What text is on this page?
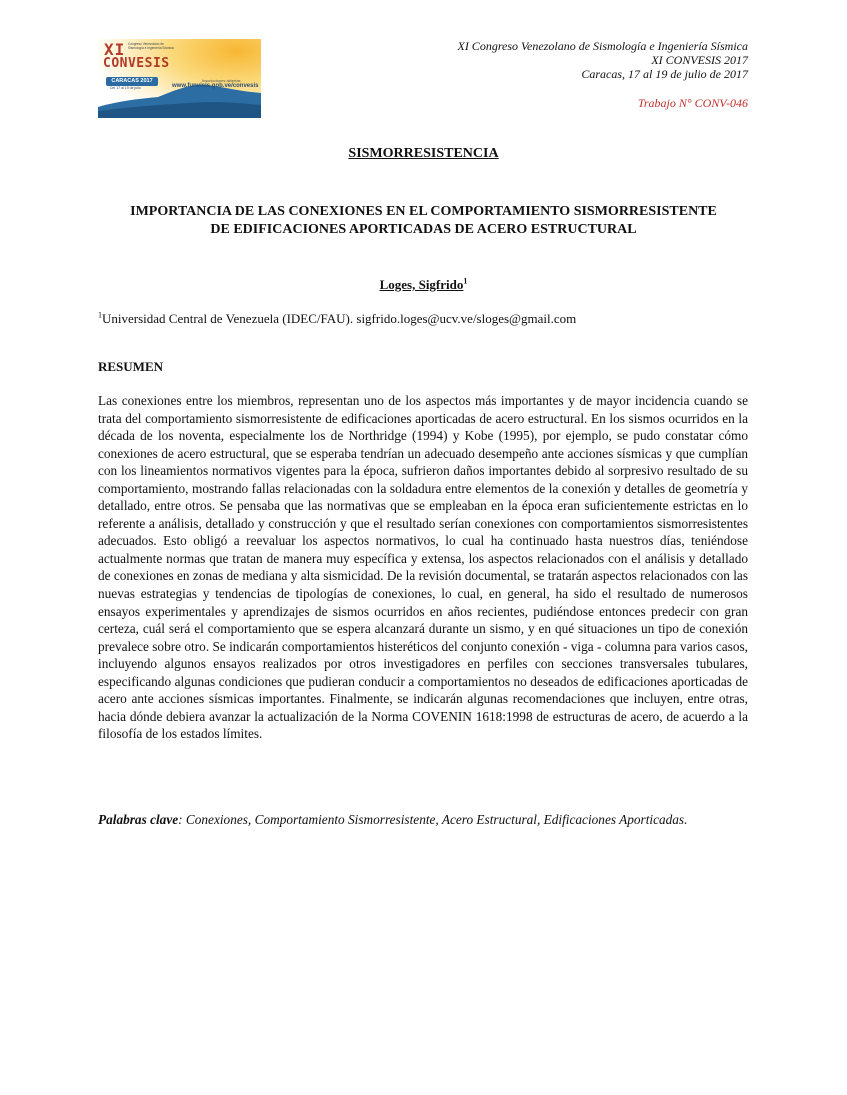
XI Congreso Venezolano de Sismología e Ingeniería Sísmica
CONVESIS
CARACAS 2017
Del 17 al 19 de julio
Inscripciones abiertas
www.funvisis.gob.ve/convesis
XI Congreso Venezolano de Sismología e Ingeniería Sísmica
XI CONVESIS 2017
Caracas, 17 al 19 de julio de 2017
Trabajo N° CONV-046
SISMORRESISTENCIA
IMPORTANCIA DE LAS CONEXIONES EN EL COMPORTAMIENTO SISMORRESISTENTE DE EDIFICACIONES APORTICADAS DE ACERO ESTRUCTURAL
Loges, Sigfrido$^1$
$^1$Universidad Central de Venezuela (IDEC/FAU). sigfrido.loges@ucv.ve/sloges@gmail.com
RESUMEN

Las conexiones entre los miembros, representan uno de los aspectos más importantes y de mayor incidencia cuando se trata del comportamiento sismorresistente de edificaciones aporticadas de acero estructural. En los sismos ocurridos en la década de los noventa, especialmente los de Northridge (1994) y Kobe (1995), por ejemplo, se pudo constatar cómo conexiones de acero estructural, que se esperaba tendrían un adecuado desempeño ante acciones sísmicas y que cumplían con los lineamientos normativos vigentes para la época, sufrieron daños importantes debido al sorpresivo resultado de su comportamiento, mostrando fallas relacionadas con la soldadura entre elementos de la conexión y detalles de geometría y detallado, entre otros. Se pensaba que las normativas que se empleaban en la época eran suficientemente estrictas en lo referente a análisis, detallado y construcción y que el resultado serían conexiones con comportamientos sismorresistentes adecuados. Esto obligó a reevaluar los aspectos normativos, lo cual ha continuado hasta nuestros días, teniéndose actualmente normas que tratan de manera muy específica y extensa, los aspectos relacionados con el análisis y detallado de conexiones en zonas de mediana y alta sismicidad. De la revisión documental, se tratarán aspectos relacionados con las nuevas estrategias y tendencias de tipologías de conexiones, lo cual, en general, ha sido el resultado de numerosos ensayos experimentales y aprendizajes de sismos ocurridos en años recientes, pudiéndose entonces predecir con gran certeza, cuál será el comportamiento que se espera alcanzará durante un sismo, y en qué situaciones un tipo de conexión prevalece sobre otro. Se indicarán comportamientos histeréticos del conjunto conexión - viga - columna para varios casos, incluyendo algunos ensayos realizados por otros investigadores en perfiles con secciones transversales tubulares, especificando algunas condiciones que pudieran conducir a comportamientos no deseados de edificaciones aporticadas de acero ante acciones sísmicas importantes. Finalmente, se indicarán algunas recomendaciones que incluyen, entre otras, hacia dónde debiera avanzar la actualización de la Norma COVENIN 1618:1998 de estructuras de acero, de acuerdo a la filosofía de los estados límites.

Palabras clave: Conexiones, Comportamiento Sismorresistente, Acero Estructural, Edificaciones Aporticadas.
